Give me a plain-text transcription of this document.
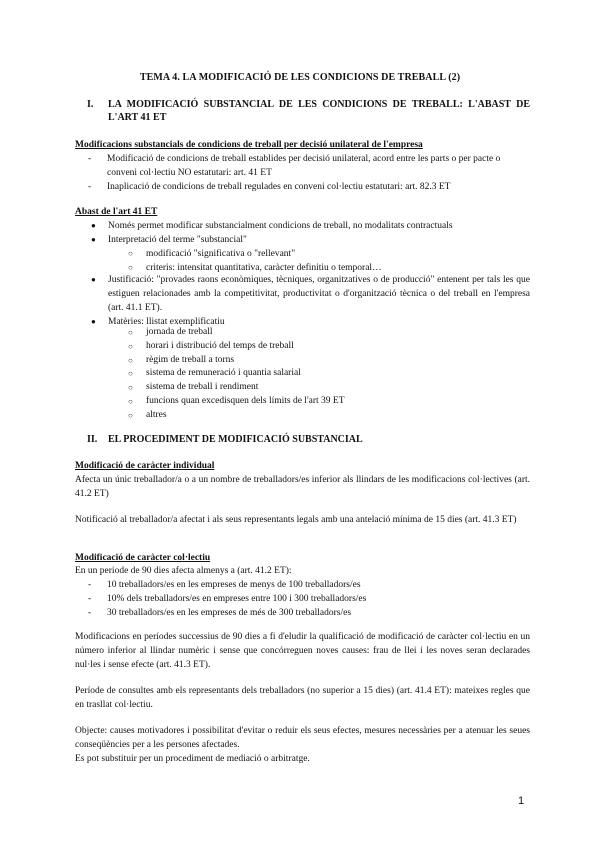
TEMA 4. LA MODIFICACIÓ DE LES CONDICIONS DE TREBALL (2)
I. LA MODIFICACIÓ SUBSTANCIAL DE LES CONDICIONS DE TREBALL: L'ABAST DE L'ART 41 ET
Modificacions substancials de condicions de treball per decisió unilateral de l'empresa
- Modificació de condicions de treball establides per decisió unilateral, acord entre les parts o per pacte o conveni col·lectiu NO estatutari: art. 41 ET
- Inaplicació de condicions de treball regulades en conveni col·lectiu estatutari: art. 82.3 ET
Abast de l'art 41 ET
● Només permet modificar substancialment condicions de treball, no modalitats contractuals
● Interpretació del terme "substancial"
○ modificació "significativa o "rellevant"
○ criteris: intensitat quantitativa, caràcter definitiu o temporal…
● Justificació: "provades raons econòmiques, tècniques, organitzatives o de producció" entenent per tals les que estiguen relacionades amb la competitivitat, productivitat o d'organització tècnica o del treball en l'empresa (art. 41.1 ET).
● Matèries: llistat exemplificatiu
○ jornada de treball
○ horari i distribució del temps de treball
○ règim de treball a torns
○ sistema de remuneració i quantia salarial
○ sistema de treball i rendiment
○ funcions quan excedisquen dels límits de l'art 39 ET
○ altres
II. EL PROCEDIMENT DE MODIFICACIÓ SUBSTANCIAL
Modificació de caràcter individual
Afecta un únic treballador/a o a un nombre de treballadors/es inferior als llindars de les modificacions col·lectives (art. 41.2 ET)
Notificació al treballador/a afectat i als seus representants legals amb una antelació mínima de 15 dies (art. 41.3 ET)
Modificació de caràcter col·lectiu
En un període de 90 dies afecta almenys a (art. 41.2 ET):
- 10 treballadors/es en les empreses de menys de 100 treballadors/es
- 10% dels treballadors/es en empreses entre 100 i 300 treballadors/es
- 30 treballadors/es en les empreses de més de 300 treballadors/es
Modificacions en períodes successius de 90 dies a fi d'eludir la qualificació de modificació de caràcter col·lectiu en un número inferior al llindar numèric i sense que concórreguen noves causes: frau de llei i les noves seran declarades nul·les i sense efecte (art. 41.3 ET).
Període de consultes amb els representants dels treballadors (no superior a 15 dies) (art. 41.4 ET): mateixes regles que en trasllat col·lectiu.
Objecte: causes motivadores i possibilitat d'evitar o reduir els seus efectes, mesures necessàries per a atenuar les seues conseqüències per a les persones afectades.
Es pot substituir per un procediment de mediació o arbitratge.
1
